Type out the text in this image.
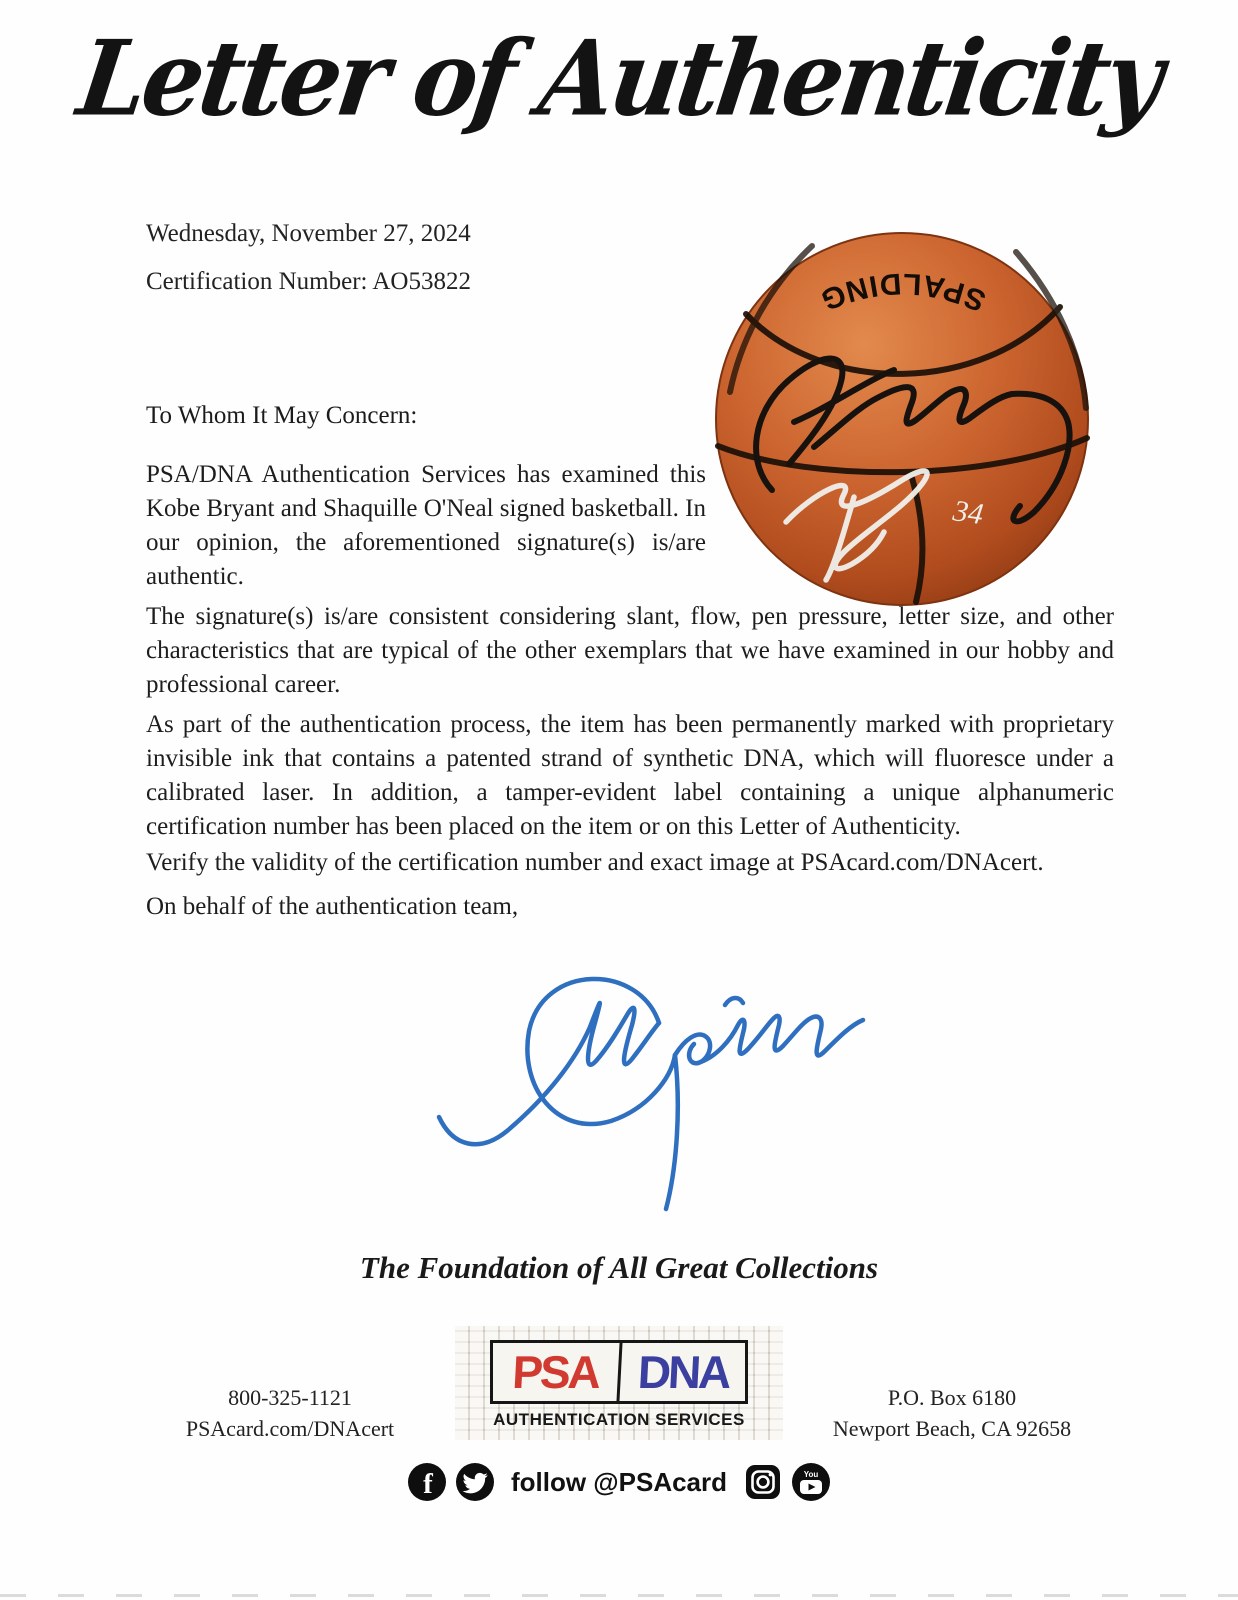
Letter of Authenticity
Wednesday, November 27, 2024
Certification Number: AO53822	SPALDING
34
To Whom It May Concern:
PSA/DNA Authentication Services has examined this Kobe Bryant and Shaquille O'Neal signed basketball. In our opinion, the aforementioned signature(s) is/are authentic.
The signature(s) is/are consistent considering slant, flow, pen pressure, letter size, and other characteristics that are typical of the other exemplars that we have examined in our hobby and professional career.
As part of the authentication process, the item has been permanently marked with proprietary invisible ink that contains a patented strand of synthetic DNA, which will fluoresce under a calibrated laser. In addition, a tamper-evident label containing a unique alphanumeric certification number has been placed on the item or on this Letter of Authenticity.
Verify the validity of the certification number and exact image at PSAcard.com/DNAcert.
On behalf of the authentication team,
The Foundation of All Great Collections
PSA DNA
AUTHENTICATION SERVICES
f	follow @PSAcard	You
800-325-1121
PSAcard.com/DNAcert
P.O. Box 6180
Newport Beach, CA 92658
